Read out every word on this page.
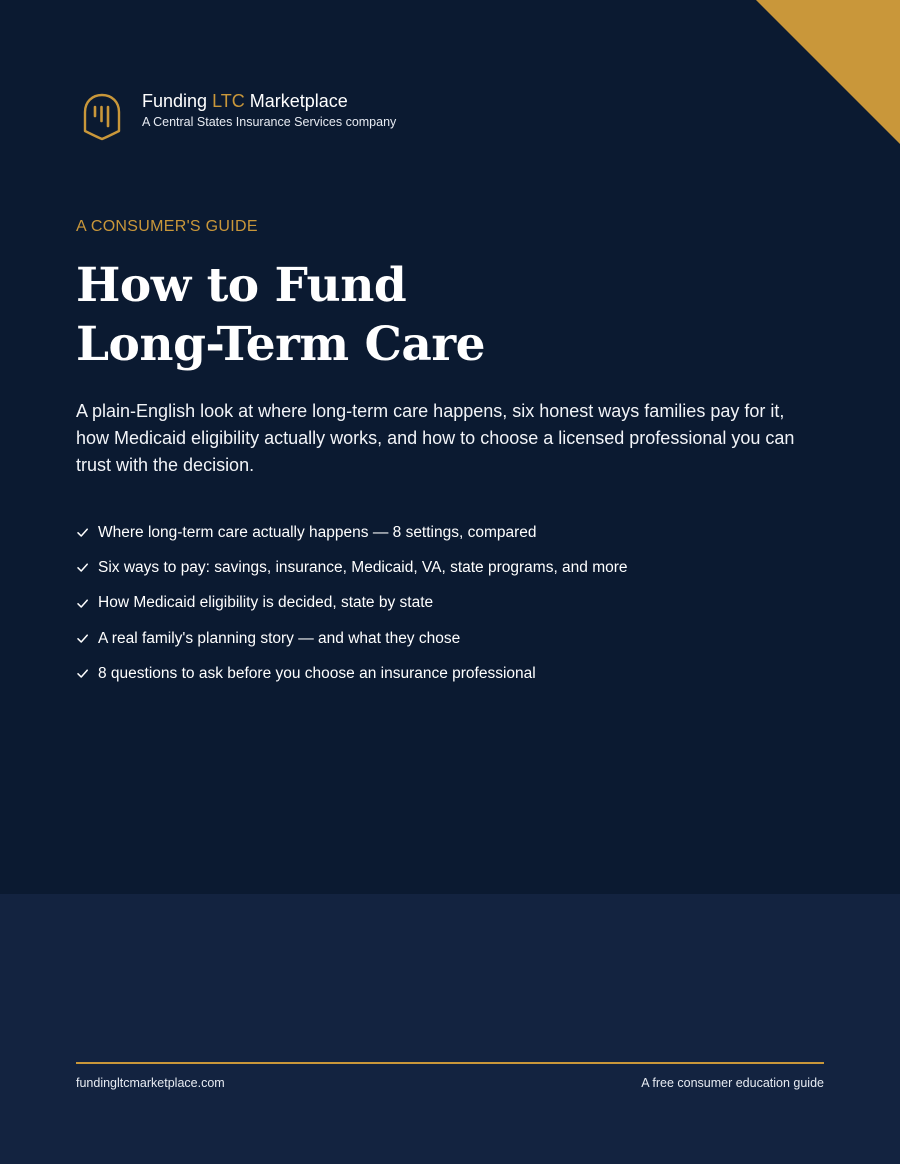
Funding LTC Marketplace
A Central States Insurance Services company
A CONSUMER'S GUIDE
How to Fund
Long-Term Care

A plain-English look at where long-term care happens, six honest ways families pay for it, how Medicaid eligibility actually works, and how to choose a licensed professional you can trust with the decision.

Where long-term care actually happens — 8 settings, compared
Six ways to pay: savings, insurance, Medicaid, VA, state programs, and more
How Medicaid eligibility is decided, state by state
A real family's planning story — and what they chose
8 questions to ask before you choose an insurance professional
fundingltcmarketplace.com	A free consumer education guide
